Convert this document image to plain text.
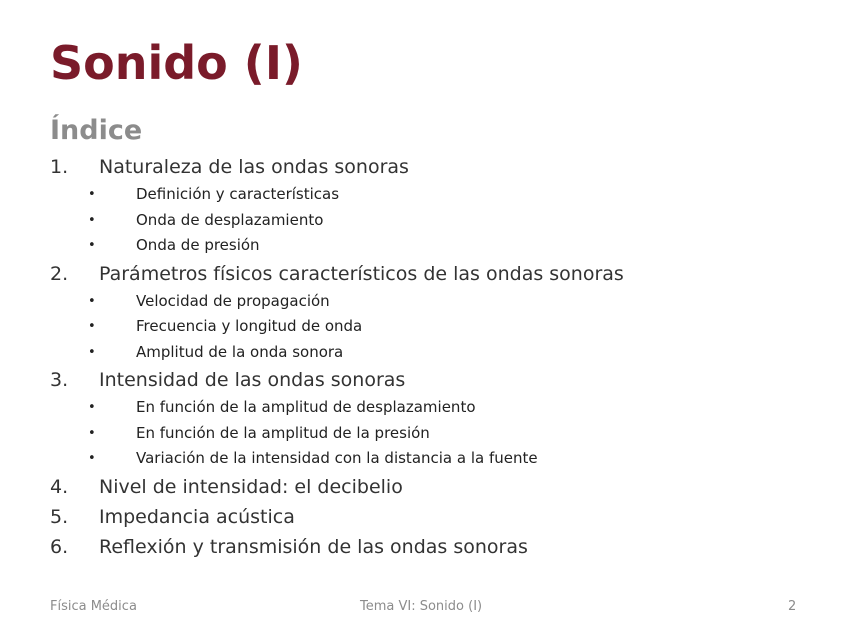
Sonido (I)
Índice
1.	Naturaleza de las ondas sonoras
•	Definición y características
•	Onda de desplazamiento
•	Onda de presión
2.	Parámetros físicos característicos de las ondas sonoras
•	Velocidad de propagación
•	Frecuencia y longitud de onda
•	Amplitud de la onda sonora
3.	Intensidad de las ondas sonoras
•	En función de la amplitud de desplazamiento
•	En función de la amplitud de la presión
•	Variación de la intensidad con la distancia a la fuente
4.	Nivel de intensidad: el decibelio
5.	Impedancia acústica
6.	Reflexión y transmisión de las ondas sonoras
Física Médica	Tema VI: Sonido (I)	2
